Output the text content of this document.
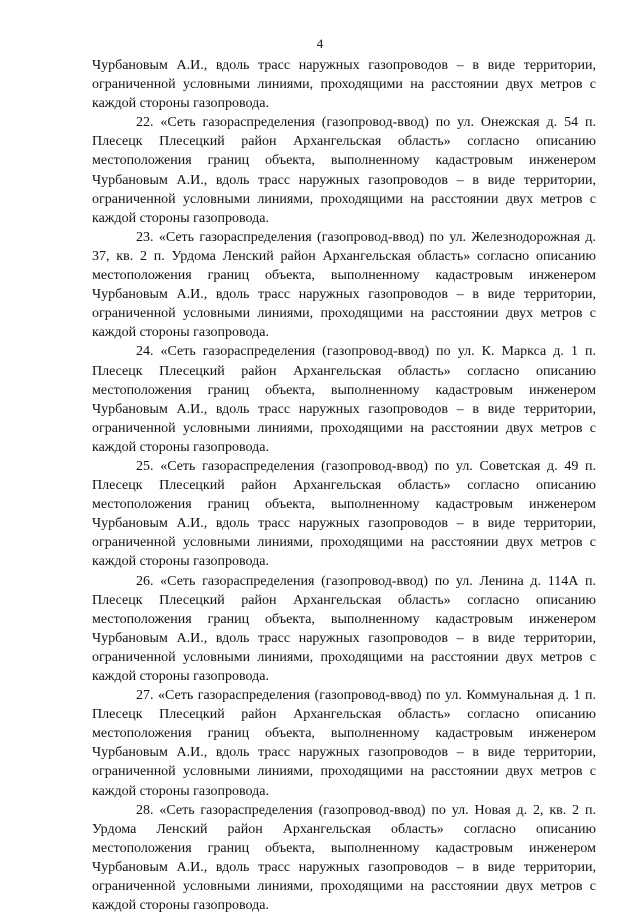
4

Чурбановым А.И., вдоль трасс наружных газопроводов – в виде территории, ограниченной условными линиями, проходящими на расстоянии двух метров с каждой стороны газопровода.

22. «Сеть газораспределения (газопровод-ввод) по ул. Онежская д. 54 п. Плесецк Плесецкий район Архангельская область» согласно описанию местоположения границ объекта, выполненному кадастровым инженером Чурбановым А.И., вдоль трасс наружных газопроводов – в виде территории, ограниченной условными линиями, проходящими на расстоянии двух метров с каждой стороны газопровода.

23. «Сеть газораспределения (газопровод-ввод) по ул. Железнодорожная д. 37, кв. 2 п. Урдома Ленский район Архангельская область» согласно описанию местоположения границ объекта, выполненному кадастровым инженером Чурбановым А.И., вдоль трасс наружных газопроводов – в виде территории, ограниченной условными линиями, проходящими на расстоянии двух метров с каждой стороны газопровода.

24. «Сеть газораспределения (газопровод-ввод) по ул. К. Маркса д. 1 п. Плесецк Плесецкий район Архангельская область» согласно описанию местоположения границ объекта, выполненному кадастровым инженером Чурбановым А.И., вдоль трасс наружных газопроводов – в виде территории, ограниченной условными линиями, проходящими на расстоянии двух метров с каждой стороны газопровода.

25. «Сеть газораспределения (газопровод-ввод) по ул. Советская д. 49 п. Плесецк Плесецкий район Архангельская область» согласно описанию местоположения границ объекта, выполненному кадастровым инженером Чурбановым А.И., вдоль трасс наружных газопроводов – в виде территории, ограниченной условными линиями, проходящими на расстоянии двух метров с каждой стороны газопровода.

26. «Сеть газораспределения (газопровод-ввод) по ул. Ленина д. 114А п. Плесецк Плесецкий район Архангельская область» согласно описанию местоположения границ объекта, выполненному кадастровым инженером Чурбановым А.И., вдоль трасс наружных газопроводов – в виде территории, ограниченной условными линиями, проходящими на расстоянии двух метров с каждой стороны газопровода.

27. «Сеть газораспределения (газопровод-ввод) по ул. Коммунальная д. 1 п. Плесецк Плесецкий район Архангельская область» согласно описанию местоположения границ объекта, выполненному кадастровым инженером Чурбановым А.И., вдоль трасс наружных газопроводов – в виде территории, ограниченной условными линиями, проходящими на расстоянии двух метров с каждой стороны газопровода.

28. «Сеть газораспределения (газопровод-ввод) по ул. Новая д. 2, кв. 2 п. Урдома Ленский район Архангельская область» согласно описанию местоположения границ объекта, выполненному кадастровым инженером Чурбановым А.И., вдоль трасс наружных газопроводов – в виде территории, ограниченной условными линиями, проходящими на расстоянии двух метров с каждой стороны газопровода.
